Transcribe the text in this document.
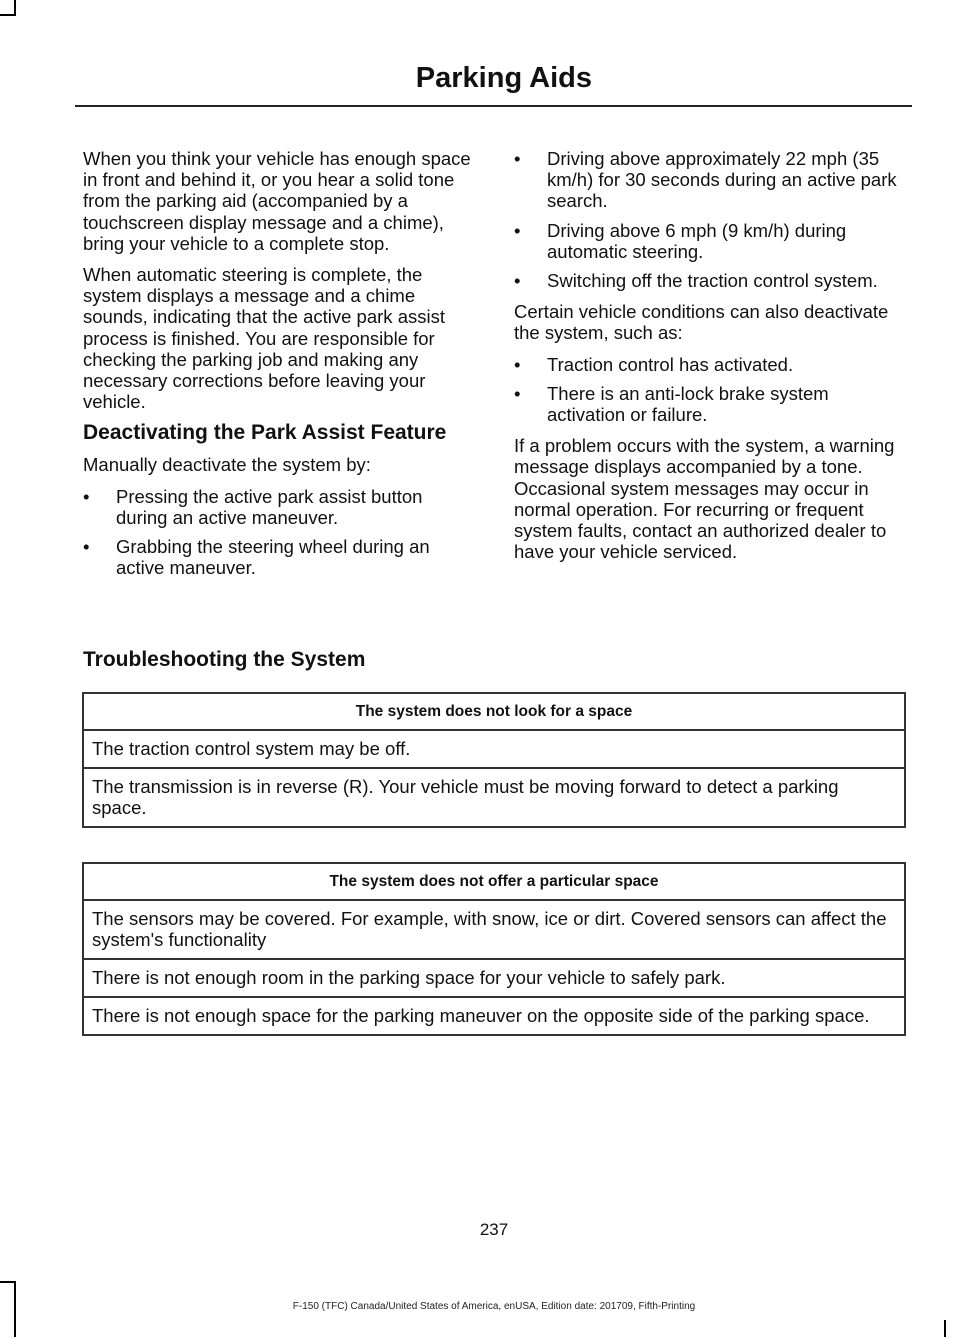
Parking Aids

When you think your vehicle has enough space in front and behind it, or you hear a solid tone from the parking aid (accompanied by a touchscreen display message and a chime), bring your vehicle to a complete stop.

When automatic steering is complete, the system displays a message and a chime sounds, indicating that the active park assist process is finished. You are responsible for checking the parking job and making any necessary corrections before leaving your vehicle.

Deactivating the Park Assist Feature

Manually deactivate the system by:

• Pressing the active park assist button during an active maneuver.
• Grabbing the steering wheel during an active maneuver.
• Driving above approximately 22 mph (35 km/h) for 30 seconds during an active park search.
• Driving above 6 mph (9 km/h) during automatic steering.
• Switching off the traction control system.

Certain vehicle conditions can also deactivate the system, such as:

• Traction control has activated.
• There is an anti-lock brake system activation or failure.

If a problem occurs with the system, a warning message displays accompanied by a tone. Occasional system messages may occur in normal operation. For recurring or frequent system faults, contact an authorized dealer to have your vehicle serviced.

Troubleshooting the System
The system does not look for a space
The traction control system may be off.
The transmission is in reverse (R). Your vehicle must be moving forward to detect a parking space.
The system does not offer a particular space
The sensors may be covered. For example, with snow, ice or dirt. Covered sensors can affect the system's functionality
There is not enough room in the parking space for your vehicle to safely park.
There is not enough space for the parking maneuver on the opposite side of the parking space.
237
F-150 (TFC) Canada/United States of America, enUSA, Edition date: 201709, Fifth-Printing
